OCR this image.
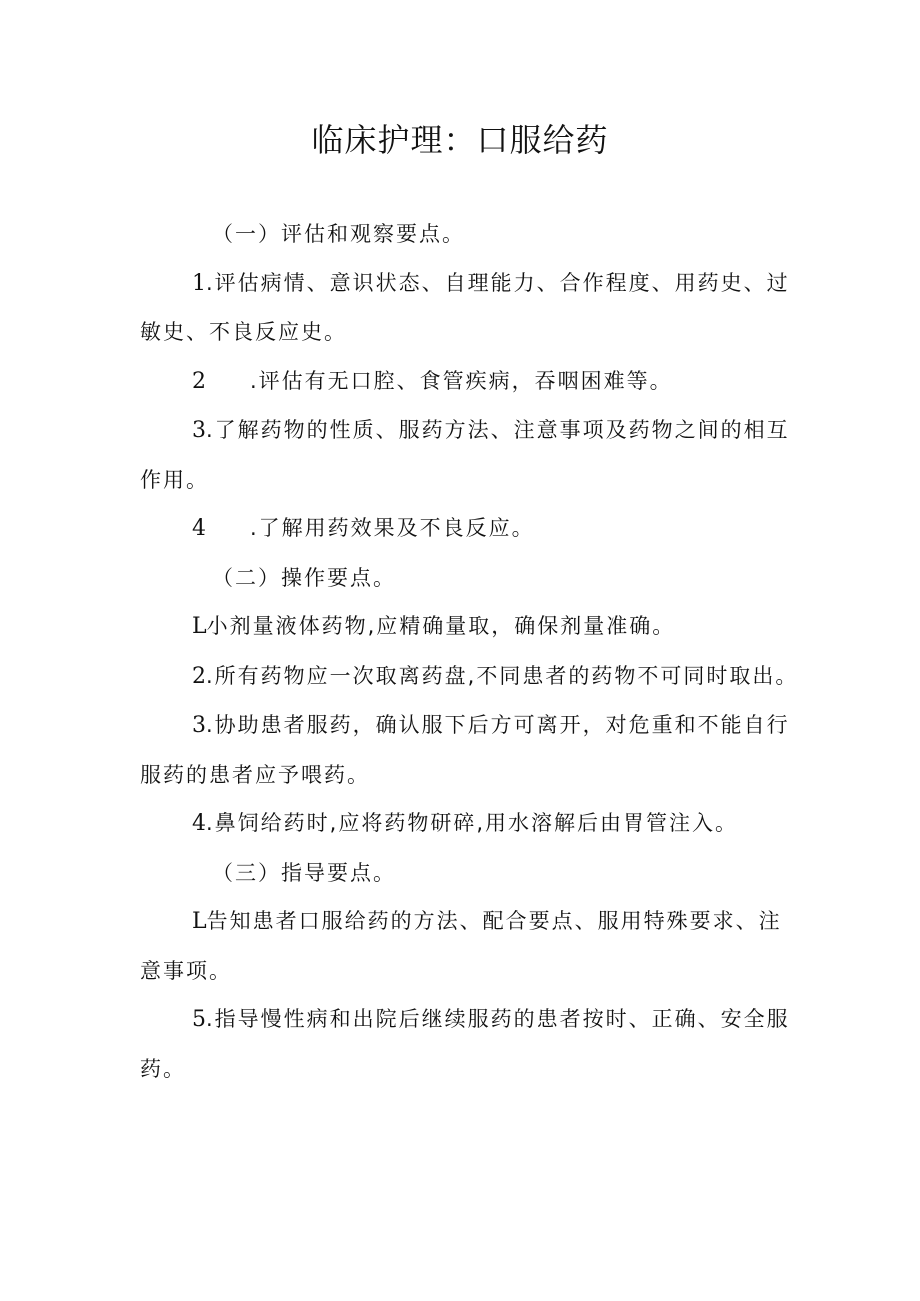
临床护理：口服给药

（一）评估和观察要点。

1.评估病情、意识状态、自理能力、合作程度、用药史、过敏史、不良反应史。

2 .评估有无口腔、食管疾病，吞咽困难等。

3.了解药物的性质、服药方法、注意事项及药物之间的相互作用。

4 .了解用药效果及不良反应。

（二）操作要点。

L小剂量液体药物,应精确量取，确保剂量准确。

2.所有药物应一次取离药盘,不同患者的药物不可同时取出。

3.协助患者服药，确认服下后方可离开，对危重和不能自行服药的患者应予喂药。

4.鼻饲给药时,应将药物研碎,用水溶解后由胃管注入。

（三）指导要点。

L告知患者口服给药的方法、配合要点、服用特殊要求、注意事项。

5.指导慢性病和出院后继续服药的患者按时、正确、安全服药。
